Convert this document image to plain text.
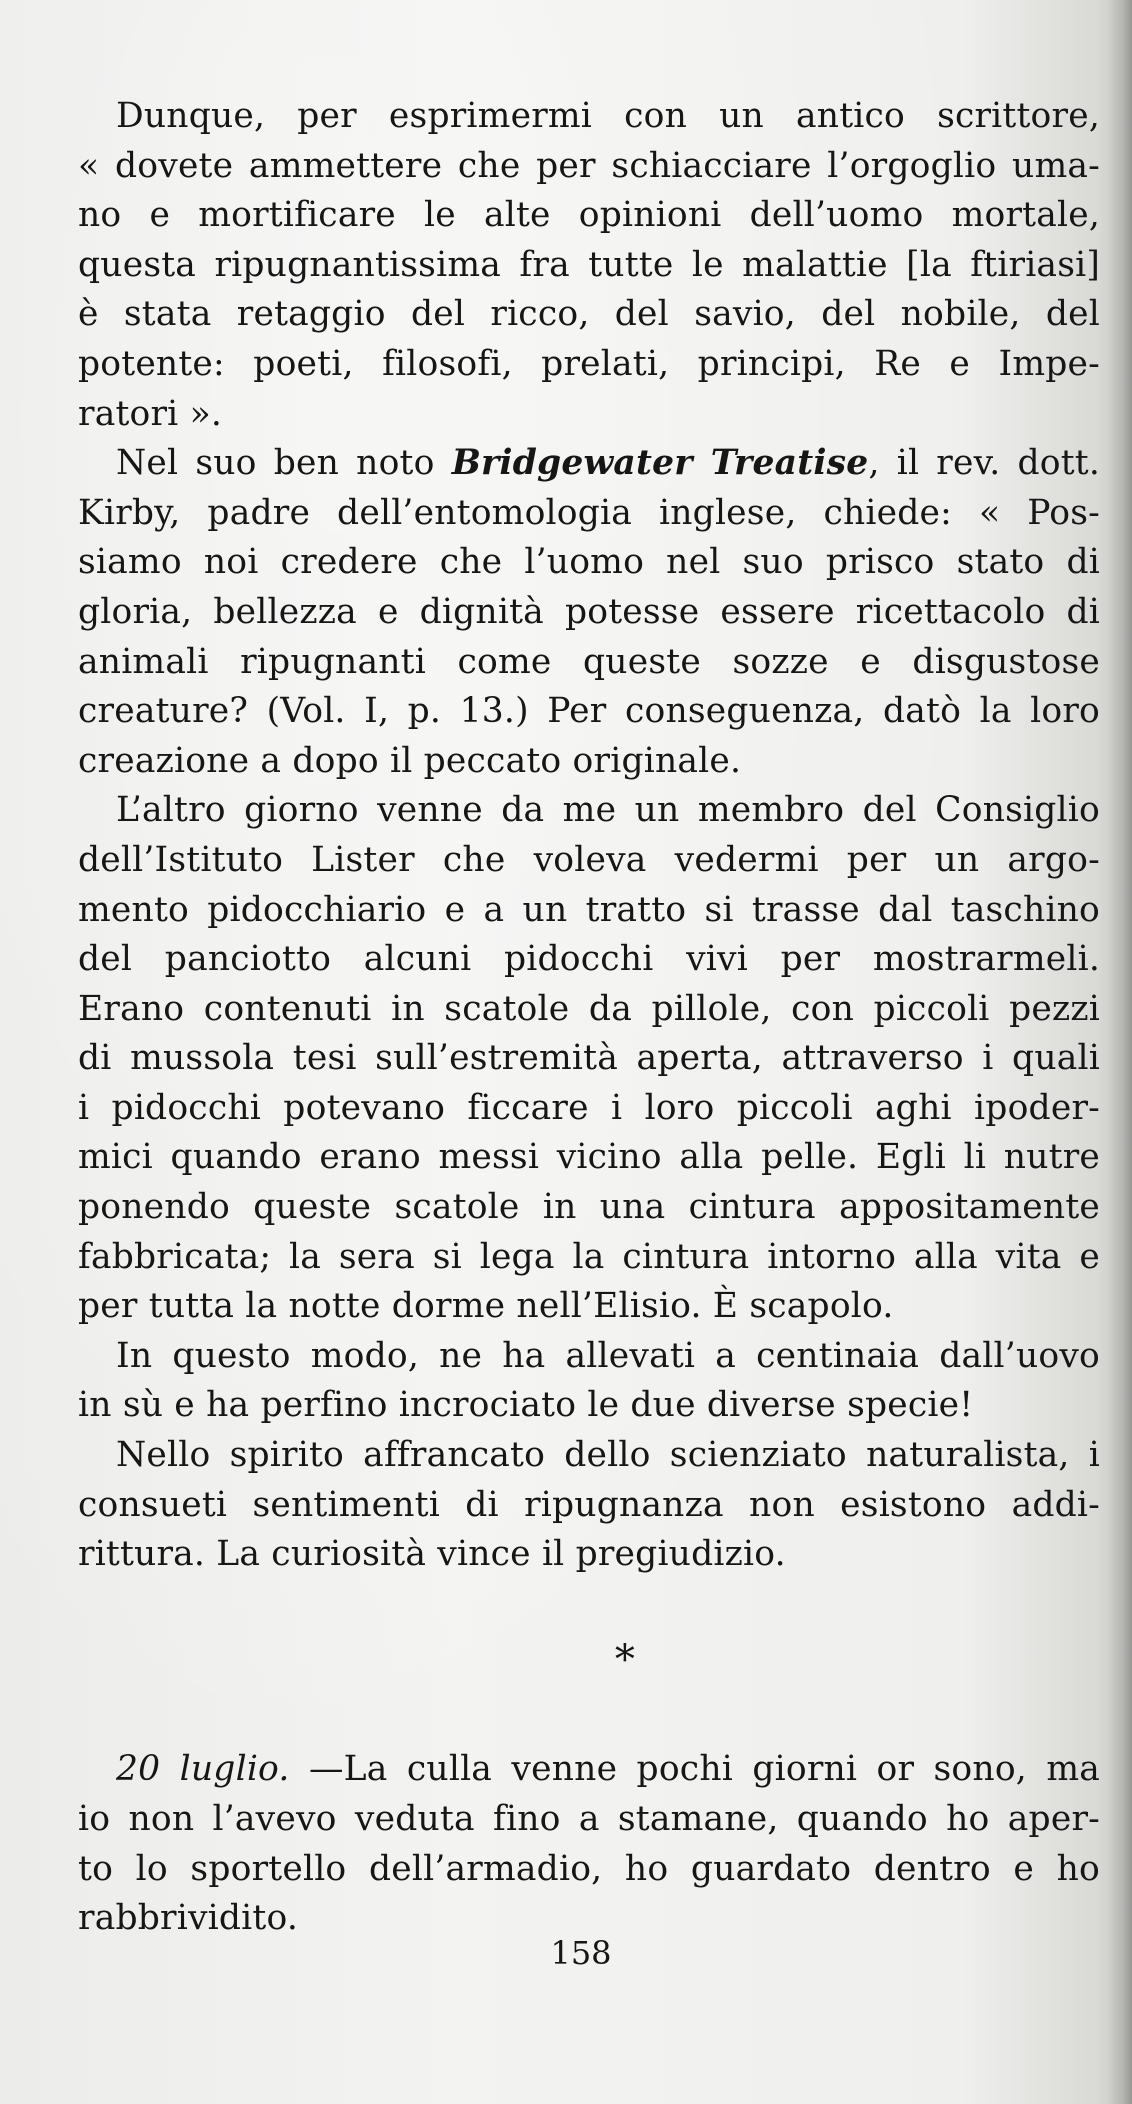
Dunque, per esprimermi con un antico scrittore,
« dovete ammettere che per schiacciare l’orgoglio uma-
no e mortificare le alte opinioni dell’uomo mortale,
questa ripugnantissima fra tutte le malattie [la ftiriasi]
è stata retaggio del ricco, del savio, del nobile, del
potente: poeti, filosofi, prelati, principi, Re e Impe-
ratori ».
Nel suo ben noto Bridgewater Treatise, il rev. dott.
Kirby, padre dell’entomologia inglese, chiede: « Pos-
siamo noi credere che l’uomo nel suo prisco stato di
gloria, bellezza e dignità potesse essere ricettacolo di
animali ripugnanti come queste sozze e disgustose
creature? (Vol. I, p. 13.) Per conseguenza, datò la loro
creazione a dopo il peccato originale.
L’altro giorno venne da me un membro del Consiglio
dell’Istituto Lister che voleva vedermi per un argo-
mento pidocchiario e a un tratto si trasse dal taschino
del panciotto alcuni pidocchi vivi per mostrarmeli.
Erano contenuti in scatole da pillole, con piccoli pezzi
di mussola tesi sull’estremità aperta, attraverso i quali
i pidocchi potevano ficcare i loro piccoli aghi ipoder-
mici quando erano messi vicino alla pelle. Egli li nutre
ponendo queste scatole in una cintura appositamente
fabbricata; la sera si lega la cintura intorno alla vita e
per tutta la notte dorme nell’Elisio. È scapolo.
In questo modo, ne ha allevati a centinaia dall’uovo
in sù e ha perfino incrociato le due diverse specie!
Nello spirito affrancato dello scienziato naturalista, i
consueti sentimenti di ripugnanza non esistono addi-
rittura. La curiosità vince il pregiudizio.
*
20 luglio. —La culla venne pochi giorni or sono, ma
io non l’avevo veduta fino a stamane, quando ho aper-
to lo sportello dell’armadio, ho guardato dentro e ho
rabbrividito.
158
